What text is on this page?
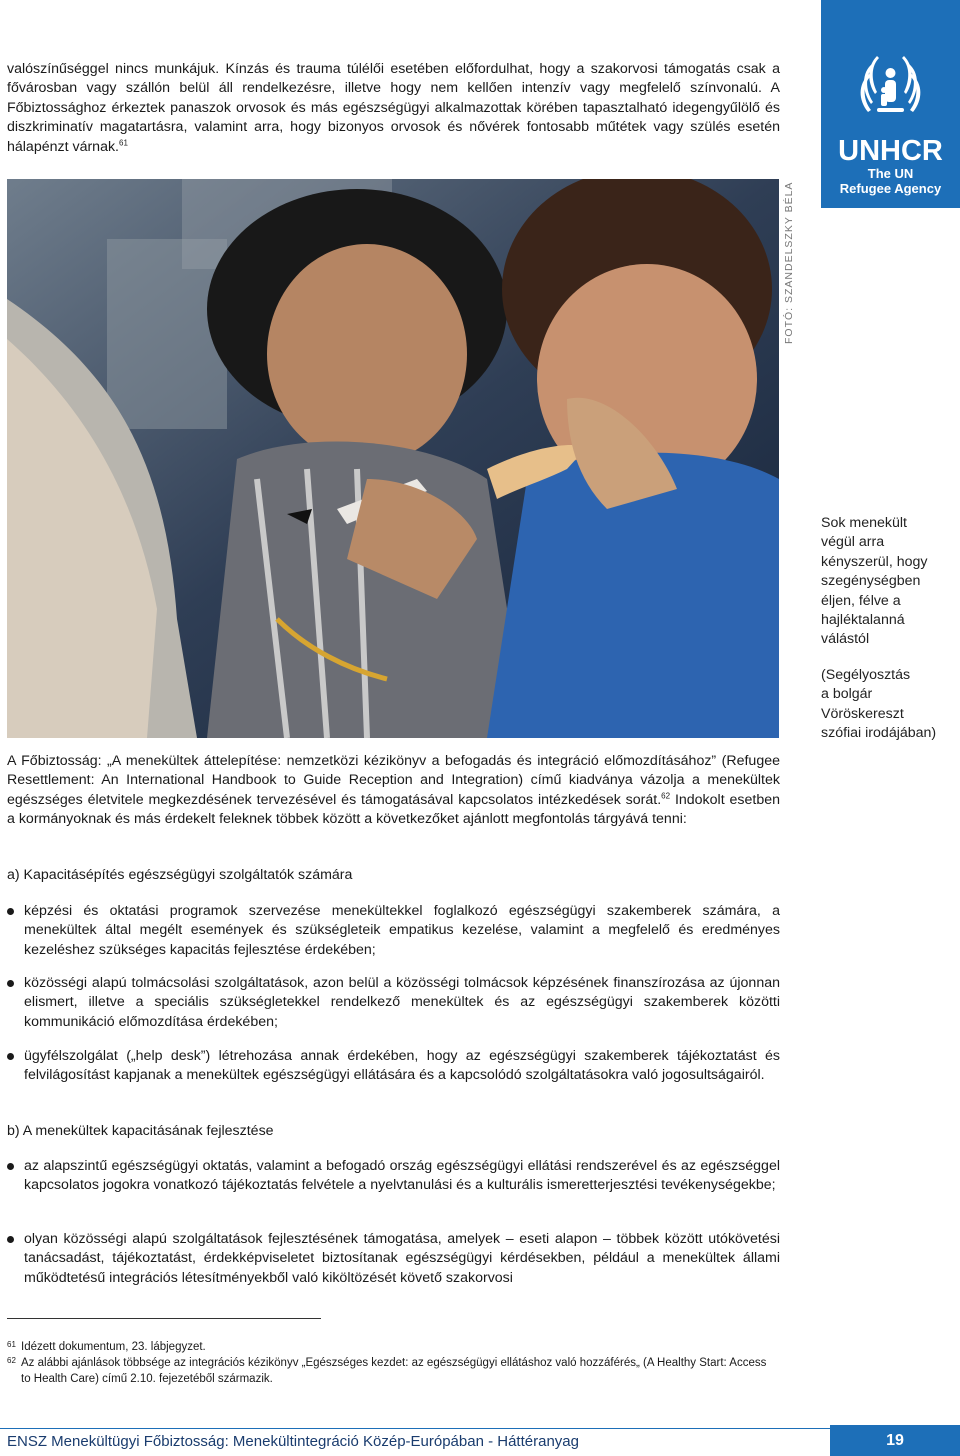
valószínűséggel nincs munkájuk. Kínzás és trauma túlélői esetében előfordulhat, hogy a szakorvosi támogatás csak a fővárosban vagy szállón belül áll rendelkezésre, illetve hogy nem kellően intenzív vagy megfelelő színvonalú. A Főbiztossághoz érkeztek panaszok orvosok és más egészségügyi alkalmazottak körében tapasztalható idegengyűlölő és diszkriminatív magatartásra, valamint arra, hogy bizonyos orvosok és nővérek fontosabb műtétek vagy szülés esetén hálapénzt várnak.$^{61}$	UNHCR
The UN
Refugee Agency
FOTÓ: SZANDELSZKY BÉLA
Sok menekült
végül arra
kényszerül, hogy
szegénységben
éljen, félve a
hajléktalanná
válástól
(Segélyosztás
a bolgár
Vöröskereszt
szófiai irodájában)
A Főbiztosság: „A menekültek áttelepítése: nemzetközi kézikönyv a befogadás és integráció előmozdításához” (Refugee Resettlement: An International Handbook to Guide Reception and Integration) című kiadványa vázolja a menekültek egészséges életvitele megkezdésének tervezésével és támogatásával kapcsolatos intézkedések sorát.$^{62}$ Indokolt esetben a kormányoknak és más érdekelt feleknek többek között a következőket ajánlott megfontolás tárgyává tenni:
a) Kapacitásépítés egészségügyi szolgáltatók számára
képzési és oktatási programok szervezése menekültekkel foglalkozó egészségügyi szakemberek számára, a menekültek által megélt események és szükségleteik empatikus kezelése, valamint a megfelelő és eredményes kezeléshez szükséges kapacitás fejlesztése érdekében;
közösségi alapú tolmácsolási szolgáltatások, azon belül a közösségi tolmácsok képzésének finanszírozása az újonnan elismert, illetve a speciális szükségletekkel rendelkező menekültek és az egészségügyi szakemberek közötti kommunikáció előmozdítása érdekében;
ügyfélszolgálat („help desk”) létrehozása annak érdekében, hogy az egészségügyi szakemberek tájékoztatást és felvilágosítást kapjanak a menekültek egészségügyi ellátására és a kapcsolódó szolgáltatásokra való jogosultságairól.
b) A menekültek kapacitásának fejlesztése
az alapszintű egészségügyi oktatás, valamint a befogadó ország egészségügyi ellátási rendszerével és az egészséggel kapcsolatos jogokra vonatkozó tájékoztatás felvétele a nyelvtanulási és a kulturális ismeretterjesztési tevékenységekbe;
olyan közösségi alapú szolgáltatások fejlesztésének támogatása, amelyek – eseti alapon – többek között utókövetési tanácsadást, tájékoztatást, érdekképviseletet biztosítanak egészségügyi kérdésekben, például a menekültek állami működtetésű integrációs létesítményekből való kiköltözését követő szakorvosi
61 Idézett dokumentum, 23. lábjegyzet.
62 Az alábbi ajánlások többsége az integrációs kézikönyv „Egészséges kezdet: az egészségügyi ellátáshoz való hozzáférés„ (A Healthy Start: Access to Health Care) című 2.10. fejezetéből származik.
ENSZ Menekültügyi Főbiztosság: Menekültintegráció Közép-Európában - Háttéranyag	19
